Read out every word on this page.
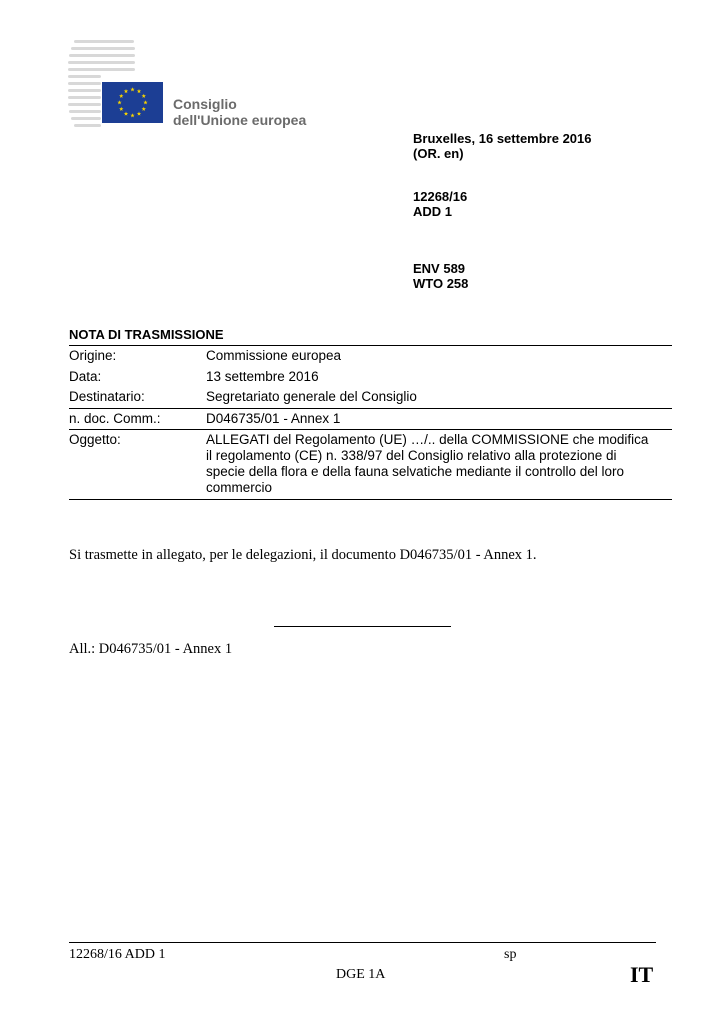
Consiglio
dell'Unione europea
Bruxelles, 16 settembre 2016
(OR. en)
12268/16
ADD 1
ENV 589
WTO 258
NOTA DI TRASMISSIONE
Origine:	Commissione europea
Data:	13 settembre 2016
Destinatario:	Segretariato generale del Consiglio
n. doc. Comm.:	D046735/01 - Annex 1
Oggetto:	ALLEGATI del Regolamento (UE) …/.. della COMMISSIONE che modifica
il regolamento (CE) n. 338/97 del Consiglio relativo alla protezione di
specie della flora e della fauna selvatiche mediante il controllo del loro
commercio
Si trasmette in allegato, per le delegazioni, il documento D046735/01 - Annex 1.
All.: D046735/01 - Annex 1
12268/16 ADD 1	sp
DGE 1A	IT
